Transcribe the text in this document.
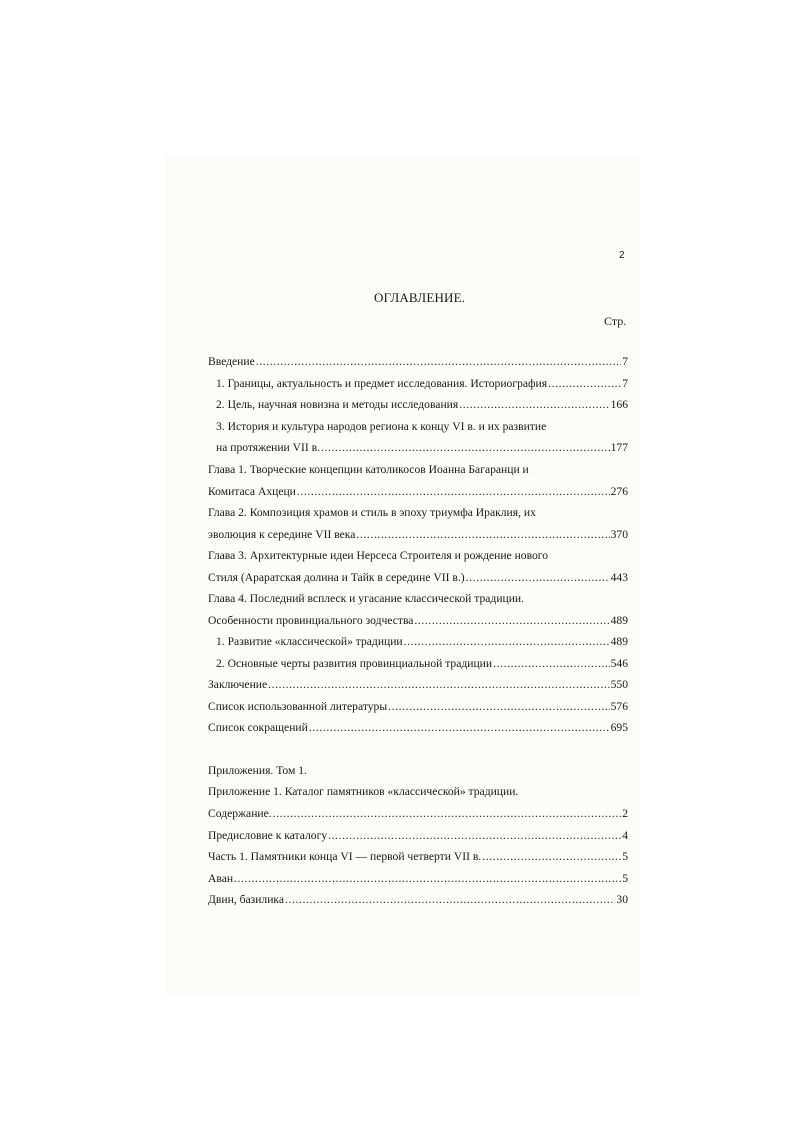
2
ОГЛАВЛЕНИЕ.
Стр.
Введение .....	7
1. Границы, актуальность и предмет исследования. Историография .....	7
2. Цель, научная новизна и методы исследования .....	166
3. История и культура народов региона к концу VI в. и их развитие
на протяжении VII в. .....	177
Глава 1. Творческие концепции католикосов Иоанна Багаранци и
Комитаса Ахцеци .....	276
Глава 2. Композиция храмов и стиль в эпоху триумфа Ираклия, их
эволюция к середине VII века .....	370
Глава 3. Архитектурные идеи Нерсеса Строителя и рождение нового
Стиля (Араратская долина и Тайк в середине VII в.) .....	443
Глава 4. Последний всплеск и угасание классической традиции.
Особенности провинциального зодчества .....	489
1. Развитие «классической» традиции .....	489
2. Основные черты развития провинциальной традиции .....	546
Заключение .....	550
Список использованной литературы .....	576
Список сокращений .....	695
Приложения. Том 1.
Приложение 1. Каталог памятников «классической» традиции.
Содержание. .....	2
Предисловие к каталогу .....	4
Часть 1. Памятники конца VI — первой четверти VII в. .....	5
Аван .....	5
Двин, базилика .....	30
